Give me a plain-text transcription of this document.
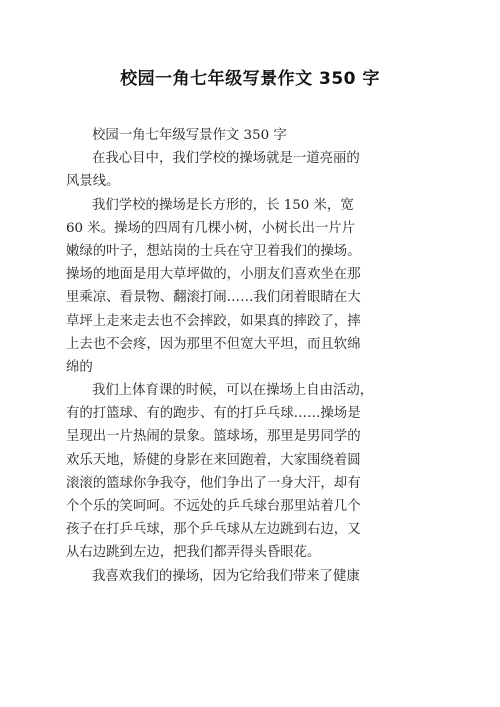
校园一角七年级写景作文 350 字
校园一角七年级写景作文 350 字
在我心目中，我们学校的操场就是一道亮丽的
风景线。
我们学校的操场是长方形的，长 150 米，宽
60 米。操场的四周有几棵小树，小树长出一片片
嫩绿的叶子，想站岗的士兵在守卫着我们的操场。
操场的地面是用大草坪做的，小朋友们喜欢坐在那
里乘凉、看景物、翻滚打闹……我们闭着眼睛在大
草坪上走来走去也不会摔跤，如果真的摔跤了，摔
上去也不会疼，因为那里不但宽大平坦，而且软绵
绵的
我们上体育课的时候，可以在操场上自由活动，
有的打篮球、有的跑步、有的打乒乓球……操场是
呈现出一片热闹的景象。篮球场，那里是男同学的
欢乐天地，矫健的身影在来回跑着，大家围绕着圆
滚滚的篮球你争我夺，他们争出了一身大汗，却有
个个乐的笑呵呵。不远处的乒乓球台那里站着几个
孩子在打乒乓球，那个乒乓球从左边跳到右边，又
从右边跳到左边，把我们都弄得头昏眼花。
我喜欢我们的操场，因为它给我们带来了健康
